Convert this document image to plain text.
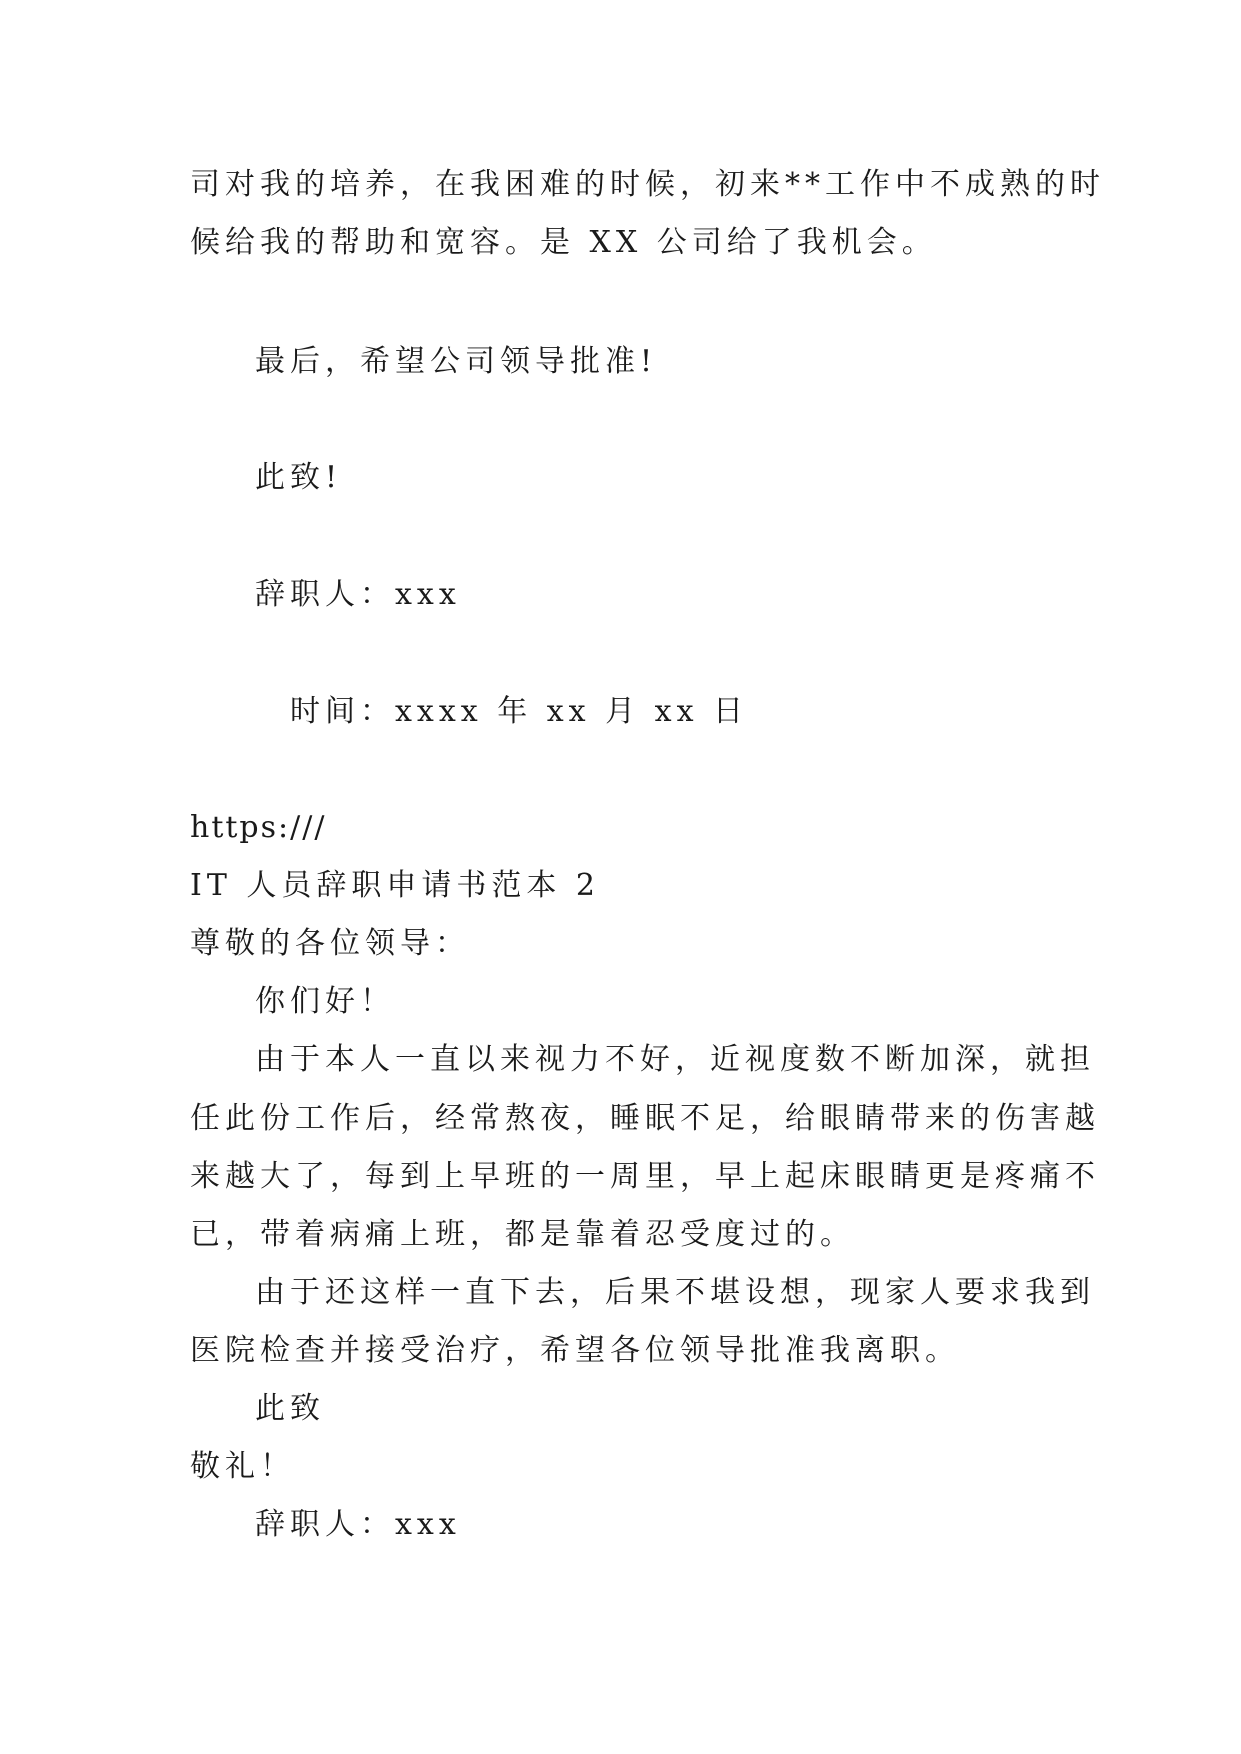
司对我的培养，在我困难的时候，初来**工作中不成熟的时
候给我的帮助和宽容。是 XX 公司给了我机会。
最后，希望公司领导批准!
此致!
辞职人：xxx
时间：xxxx 年 xx 月 xx 日
https:///
IT 人员辞职申请书范本 2
尊敬的各位领导：
你们好！
由于本人一直以来视力不好，近视度数不断加深，就担
任此份工作后，经常熬夜，睡眠不足，给眼睛带来的伤害越
来越大了，每到上早班的一周里，早上起床眼睛更是疼痛不
已，带着病痛上班，都是靠着忍受度过的。
由于还这样一直下去，后果不堪设想，现家人要求我到
医院检查并接受治疗，希望各位领导批准我离职。
此致
敬礼！
辞职人：xxx
